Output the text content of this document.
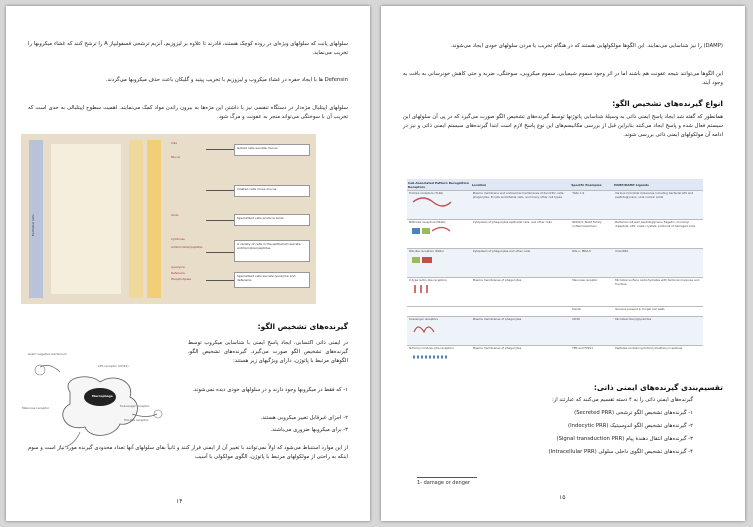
سلولهای پانت که سلولهای ویژه‌ای در روده کوچک هستند، قادرند تا علاوه بر لیزوزیم، آنزیم ترشحی فسفولیپاز A را ترشح کنند که غشاء میکروبها را تخریب می‌نماید.
Defensin ها با ایجاد حفره در غشاء میکروب و لیزوزیم با تخریب پپتید و گلیکان باعث حذف میکروبها می‌گردند.
سلولهای اپیتلیال مژه‌دار در دستگاه تنفسی نیز با داشتن این مژه‌ها به بیرون راندن مواد کمک می‌نمایند. اهمیت سطوح اپیتلیالی به حدی است که تخریب آن با سوختگی می‌تواند منجر به عفونت و مرگ شود.
Epithelial cells
Cilia
Mucus
Acids
Cytokines
Antimicrobial peptides
Lysozyme
Defensins
Phospholipase
Goblet cells secrete mucus
Ciliated cells move mucus
Specialized cells produce acids
A variety of cells in the epithelium secrete antimicrobial peptides
Specialized cells secrete lysozyme and defensins
گیرنده‌های تشخیص الگو:
در ایمنی ذاتی اکتسابی، ایجاد پاسخ ایمنی با شناسایی میکروب توسط گیرنده‌های تشخیص الگو صورت می‌گیرد. گیرنده‌های تشخیص الگو، الگوهای مرتبط با پاتوژن، دارای ویژگیهای زیر هستند:
۱- که فقط در میکروبها وجود دارند و در سلولهای خودی دیده نمی‌شوند.
۲- اجزای غیرقابل تغییر میکروبی هستند.
۳- برای میکروبها ضروری می‌باشند.
از این موارد استنباط می‌شود که اولاً نمی‌توانند با تغییر آن از ایمنی فرار کنند و ثانیاً بقای سلولهای آنها تعداد محدودی گیرنده مورد نیاز است و سوم اینکه به راحتی از مولکولهای مرتبط با پاتوژن، الگوی مولکولی با آسیب
Gram negative bacterium
LPS receptor (CD14)
Macrophage
Mannose receptor	Scavenger receptor
Toll-like receptor
۱۴
(DAMP) را نیز شناسایی می‌نمایند. این الگوها مولکولهایی هستند که در هنگام تخریب یا مردن سلولهای خودی ایجاد می‌شوند.
این الگوها می‌توانند نتیجه عفونت هم باشند اما در اثر وجود سموم شیمیایی، سموم میکروبی، سوختگی، ضربه و حتی کاهش خونرسانی به بافت به وجود آیند.
انواع گیرنده‌های تشخیص الگو:
همانطور که گفته شد ایجاد پاسخ ایمنی ذاتی به وسیلهٔ شناسایی پاتوژنها توسط گیرنده‌های تشخیص الگو صورت می‌گیرد که در پی آن سلولهای این سیستم فعال شده و پاسخ ایجاد می‌کنند بنابراین قبل از بررسی مکانیسم‌های این نوع پاسخ لازم است ابتدا گیرنده‌های سیستم ایمنی ذاتی و نیز در ادامه آن مولکولهای ایمنی ذاتی بررسی شوند.
Cell-Associated Pattern Recognition Receptors	Location	Specific Examples	PAMP/DAMP Ligands
Toll-like receptors (TLRs)	Plasma membrane and endosomal membranes of dendritic cells, phagocytes, B cells endothelial cells, and many other cell types	TLRs 1-9	Various microbial molecules including bacterial LPS and peptidoglycans, viral nucleic acids
NOD-like receptors (NLRs)	Cytoplasm of phagocytes epithelial cells, and other cells	NOD1/2, NALP family (inflammasomes)	Bacterial cell wall peptidoglycans, flagellin, muramyl dipeptide, LPS; urate crystals; products of damaged cells
RIG-like receptors (RLRs)	Cytoplasm of phagocytes and other cells	RIG-1, MDA-5	Viral RNA
C-type lectin-like receptors	Plasma membranes of phagocytes	Mannose receptor	Microbial surface carbohydrates with terminal mannose and fructose
		Dectin	Glucans present in fungal cell walls
Scavenger receptors	Plasma membranes of phagocytes	CD36	Microbial diacylglycerides
N-Formyl met-leu-phe receptors	Plasma membranes of phagocytes	FPR and FPRL1	Peptides containing N-formylmethionyl residues
تقسیم‌بندی گیرنده‌های ایمنی ذاتی:
گیرنده‌های ایمنی ذاتی را به ۴ دسته تقسیم می‌کنند که عبارتند از:
۱- گیرنده‌های تشخیص الگو ترشحی (Secreted PRR)
۲- گیرنده‌های تشخیص الگو اندوسیتیک (Indocytic PRR)
۳- گیرنده‌های انتقال دهندهٔ پیام (Signal transduction PRR)
۴- گیرنده‌های تشخیص الگوی داخلی سلولی (Intracellular PRR)
1- damage or denger
۱۵
